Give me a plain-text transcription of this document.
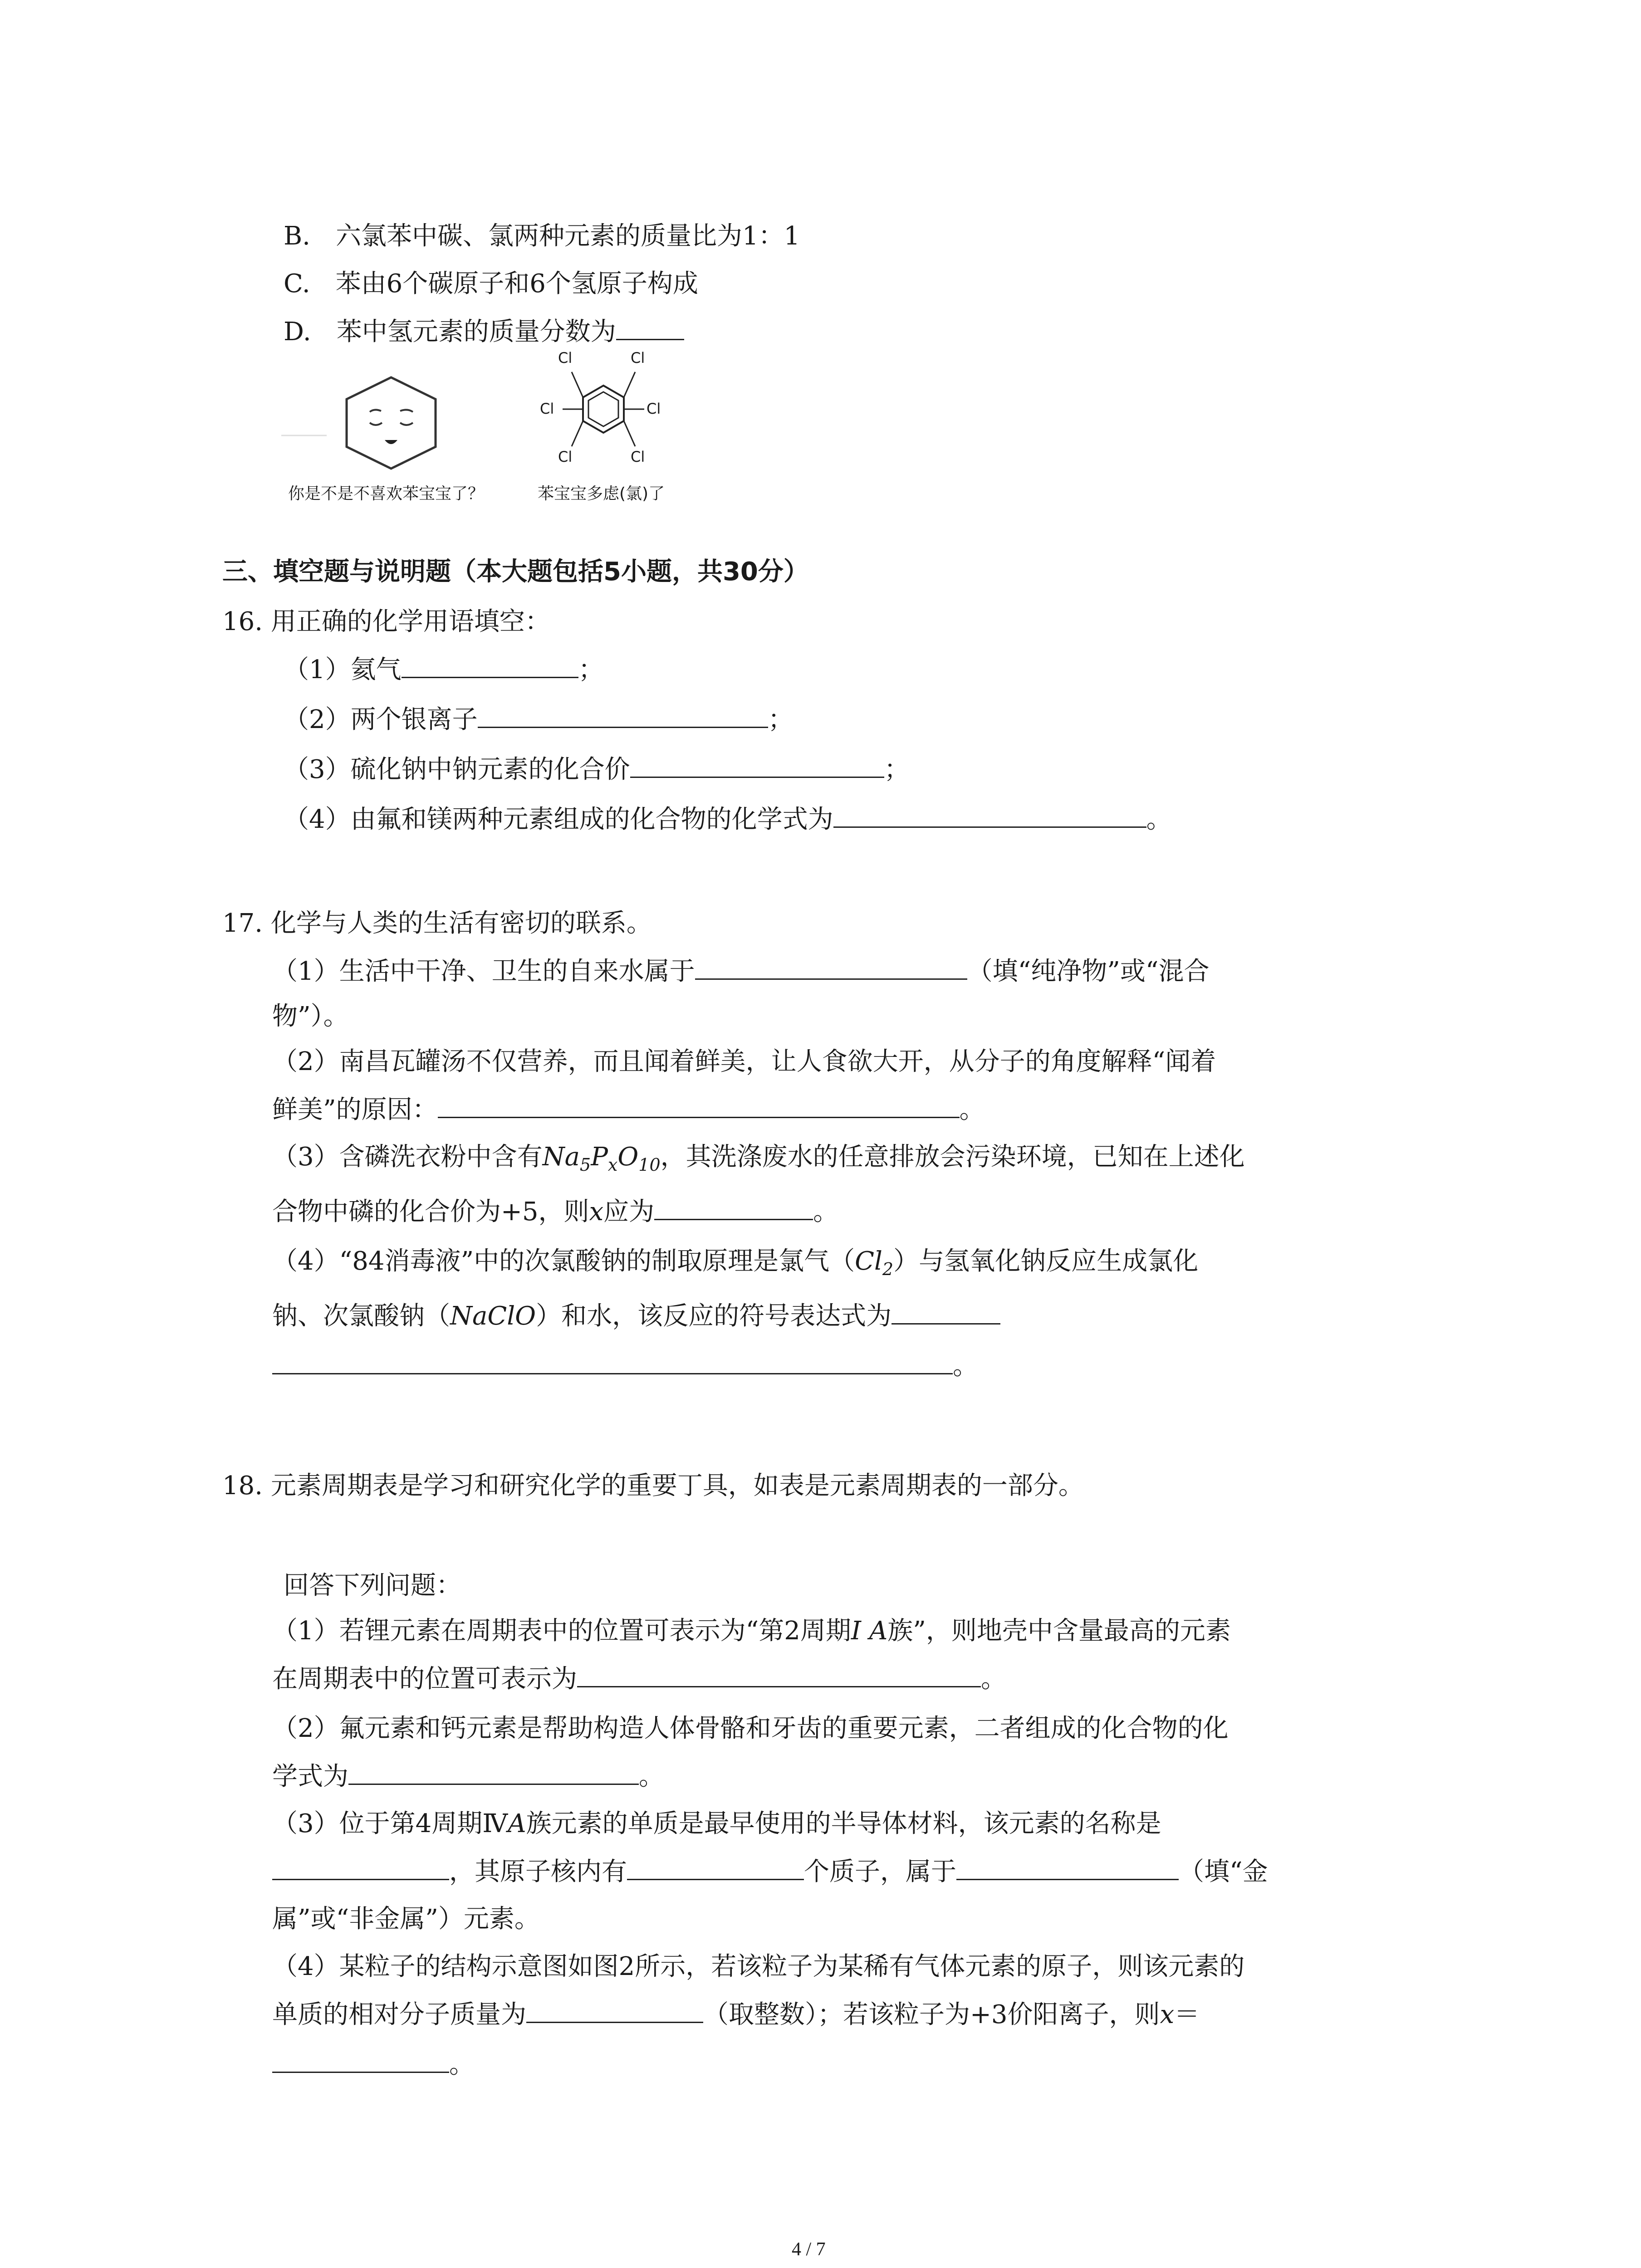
B.　六氯苯中碳、氯两种元素的质量比为1：1
C.　苯由6个碳原子和6个氢原子构成
D.　苯中氢元素的质量分数为
Cl	Cl
Cl	Cl
Cl	Cl
你是不是不喜欢苯宝宝了？	苯宝宝多虑(氯)了
三、填空题与说明题（本大题包括5小题，共30分）
16. 用正确的化学用语填空：
（1）氦气	；
（2）两个银离子	；
（3）硫化钠中钠元素的化合价	；
（4）由氟和镁两种元素组成的化合物的化学式为	。
17. 化学与人类的生活有密切的联系。
（1）生活中干净、卫生的自来水属于	（填“纯净物”或“混合
物”）。
（2）南昌瓦罐汤不仅营养，而且闻着鲜美，让人食欲大开，从分子的角度解释“闻着
鲜美”的原因：	。
（3）含磷洗衣粉中含有$Na_5P_xO_{10}$，其洗涤废水的任意排放会污染环境，已知在上述化
合物中磷的化合价为+5，则x应为	。
（4）“84消毒液”中的次氯酸钠的制取原理是氯气$(Cl_2)$与氢氧化钠反应生成氯化
钠、次氯酸钠（NaClO）和水，该反应的符号表达式为
。
18. 元素周期表是学习和研究化学的重要丁具，如表是元素周期表的一部分。
回答下列问题：
（1）若锂元素在周期表中的位置可表示为“第2周期I A族”，则地壳中含量最高的元素
在周期表中的位置可表示为	。
（2）氟元素和钙元素是帮助构造人体骨骼和牙齿的重要元素，二者组成的化合物的化
学式为	。
（3）位于第4周期ⅣA族元素的单质是最早使用的半导体材料，该元素的名称是
，其原子核内有	个质子，属于	（填“金
属”或“非金属”）元素。
（4）某粒子的结构示意图如图2所示，若该粒子为某稀有气体元素的原子，则该元素的
单质的相对分子质量为	（取整数）；若该粒子为+3价阳离子，则x＝
。
4 / 7
